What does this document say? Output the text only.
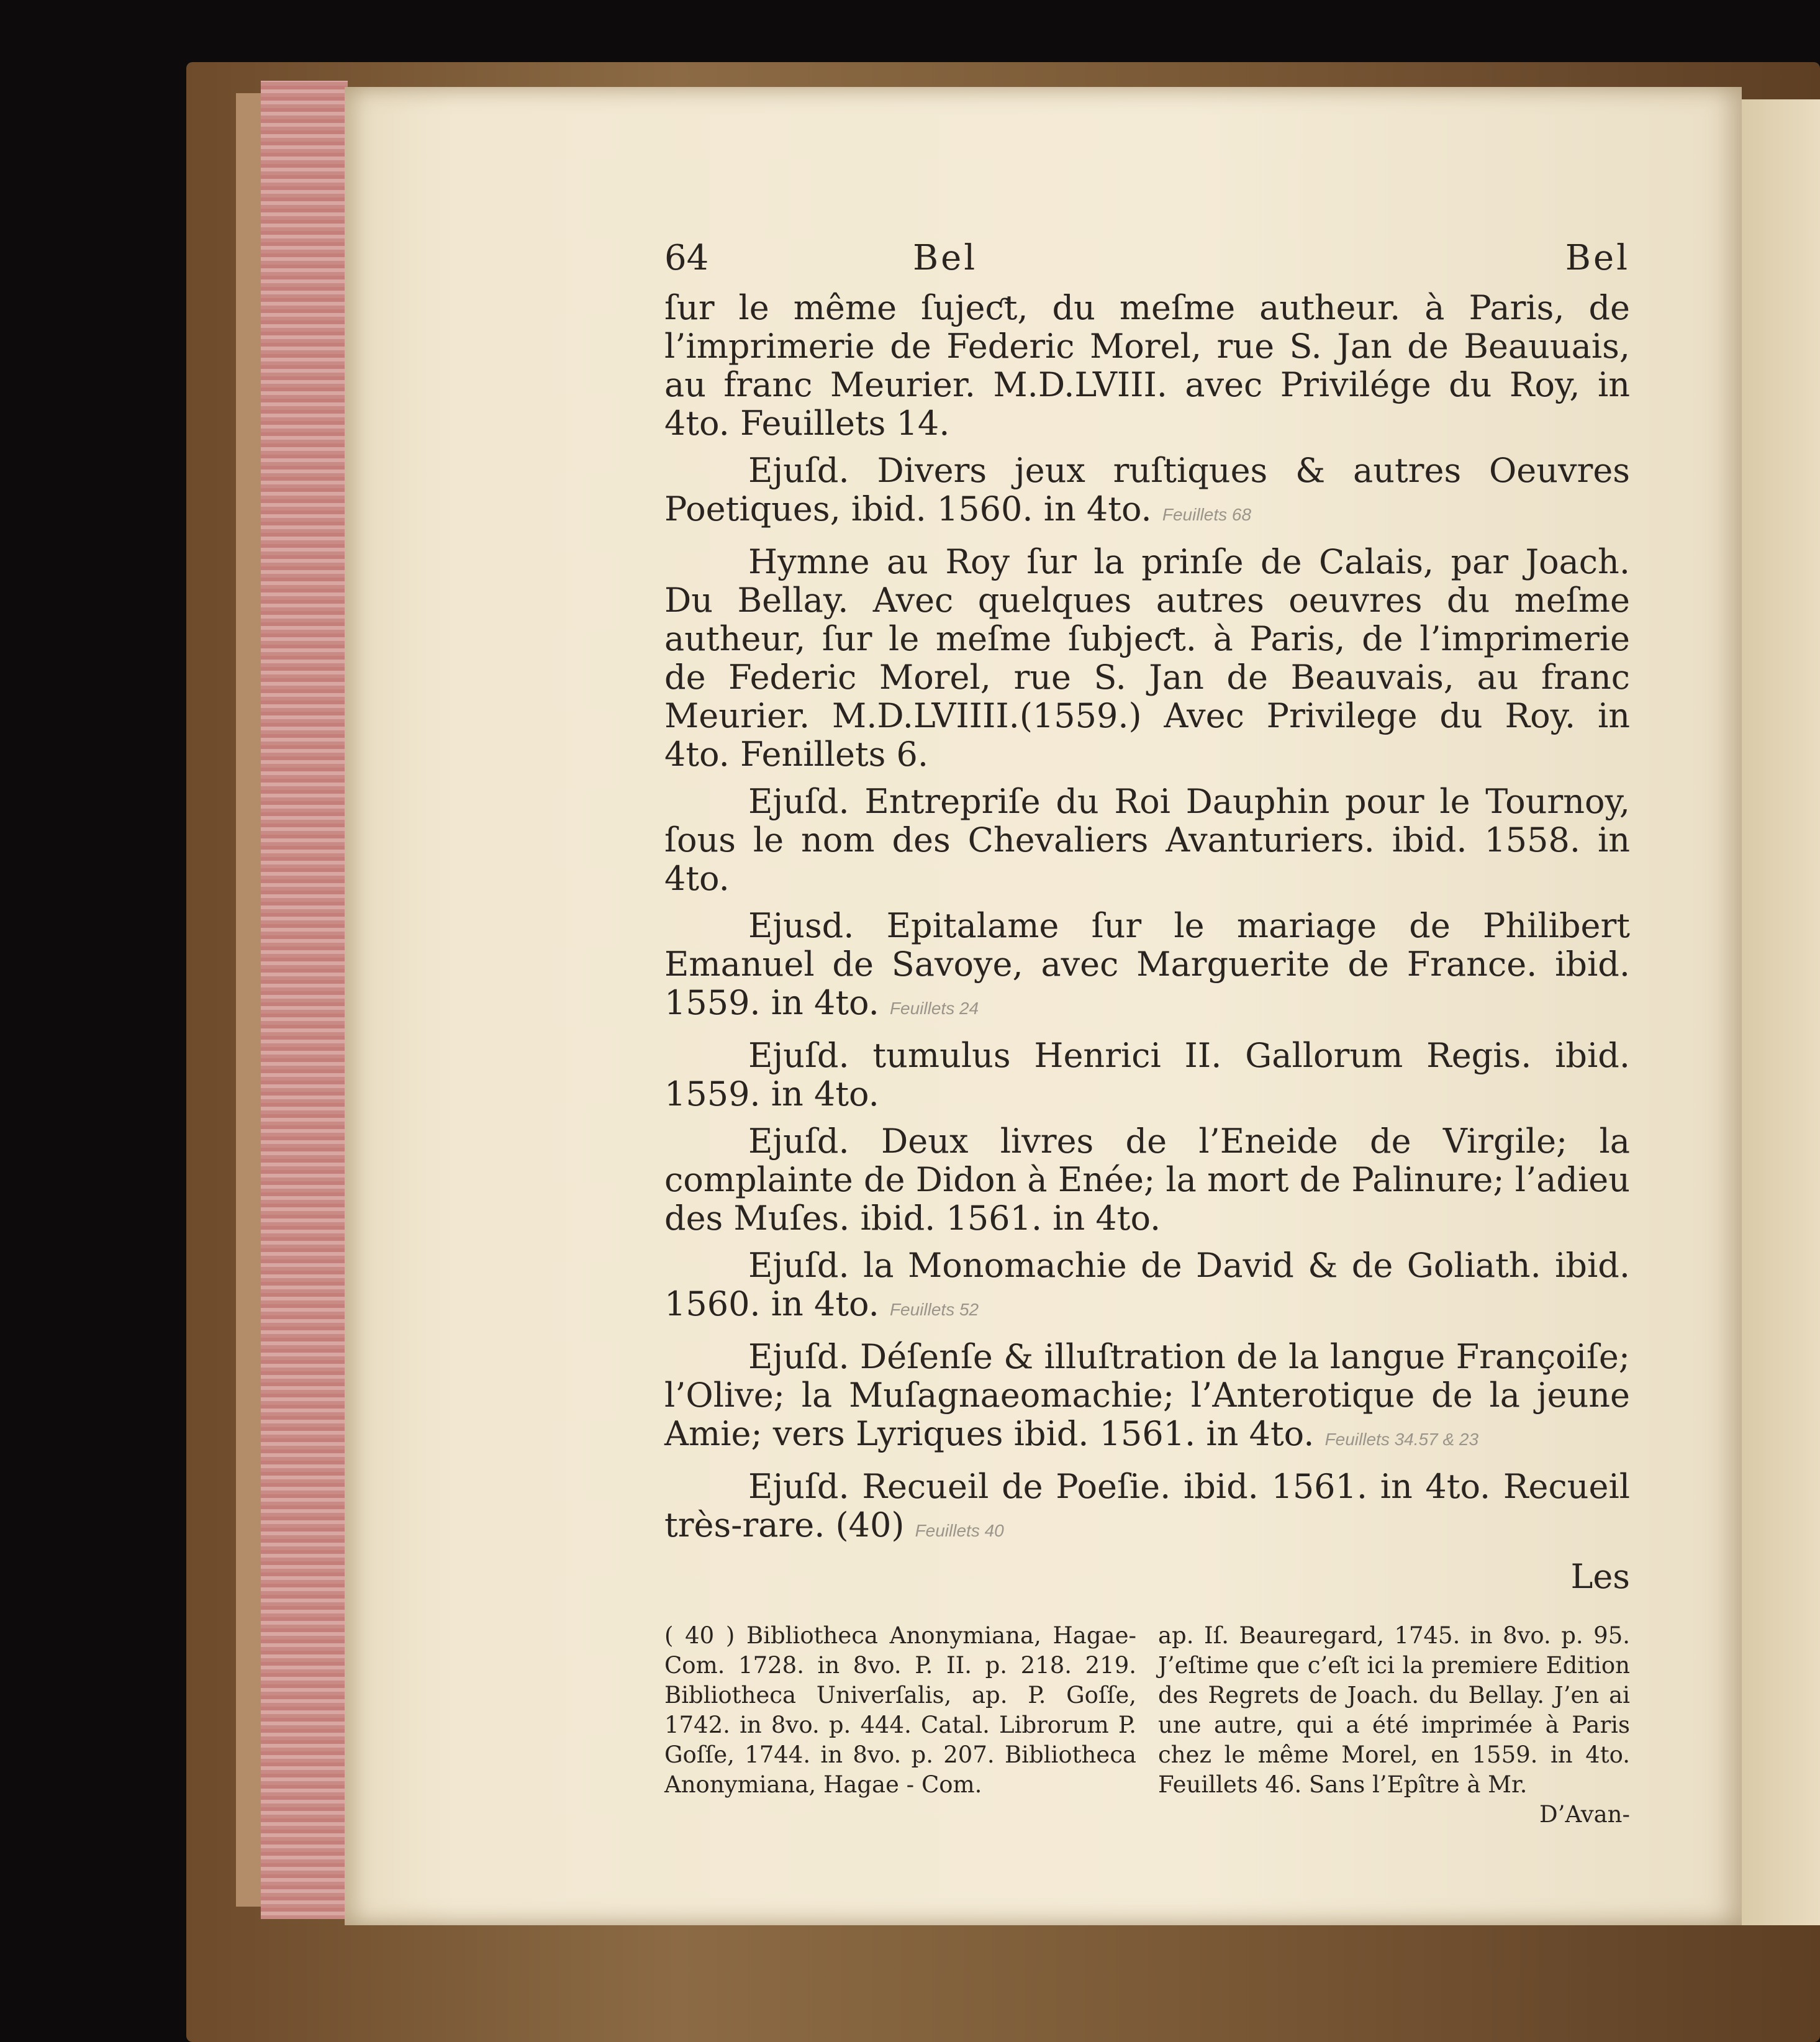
64	Bel	Bel

ſur le même ſujeƈt, du meſme autheur. à Paris, de l’imprimerie de Federic Morel, rue S. Jan de Beauuais, au franc Meurier. M.D.LVIII. avec Privilége du Roy, in 4to. Feuillets 14.

Ejuſd. Divers jeux ruſtiques & autres Oeuvres Poetiques, ibid. 1560. in 4to. Feuillets 68

Hymne au Roy ſur la prinſe de Calais, par Joach. Du Bellay. Avec quelques autres oeuvres du meſme autheur, ſur le meſme ſubjeƈt. à Paris, de l’imprimerie de Federic Morel, rue S. Jan de Beauvais, au franc Meurier. M.D.LVIIII.(1559.) Avec Privilege du Roy. in 4to. Fenillets 6.

Ejuſd. Entrepriſe du Roi Dauphin pour le Tournoy, ſous le nom des Chevaliers Avanturiers. ibid. 1558. in 4to.

Ejusd. Epitalame ſur le mariage de Philibert Emanuel de Savoye, avec Marguerite de France. ibid. 1559. in 4to. Feuillets 24

Ejuſd. tumulus Henrici II. Gallorum Regis. ibid. 1559. in 4to.

Ejuſd. Deux livres de l’Eneide de Virgile; la complainte de Didon à Enée; la mort de Palinure; l’adieu des Muſes. ibid. 1561. in 4to.

Ejuſd. la Monomachie de David & de Goliath. ibid. 1560. in 4to. Feuillets 52

Ejuſd. Déſenſe & illuſtration de la langue Françoiſe; l’Olive; la Muſagnaeomachie; l’Anterotique de la jeune Amie; vers Lyriques ibid. 1561. in 4to. Feuillets 34.57 & 23

Ejuſd. Recueil de Poeſie. ibid. 1561. in 4to. Recueil très-rare. (40) Feuillets 40

Les
( 40 ) Bibliotheca Anonymiana, Hagae-Com. 1728. in 8vo. P. II. p. 218. 219. Bibliotheca Univerſalis, ap. P. Goſſe, 1742. in 8vo. p. 444. Catal. Librorum P. Goſſe, 1744. in 8vo. p. 207. Bibliotheca Anonymiana, Hagae - Com.
ap. Iſ. Beauregard, 1745. in 8vo. p. 95. J’eſtime que c’eſt ici la premiere Edition des Regrets de Joach. du Bellay. J’en ai une autre, qui a été imprimée à Paris chez le même Morel, en 1559. in 4to. Feuillets 46. Sans l’Epître à Mr.
D’Avan-
